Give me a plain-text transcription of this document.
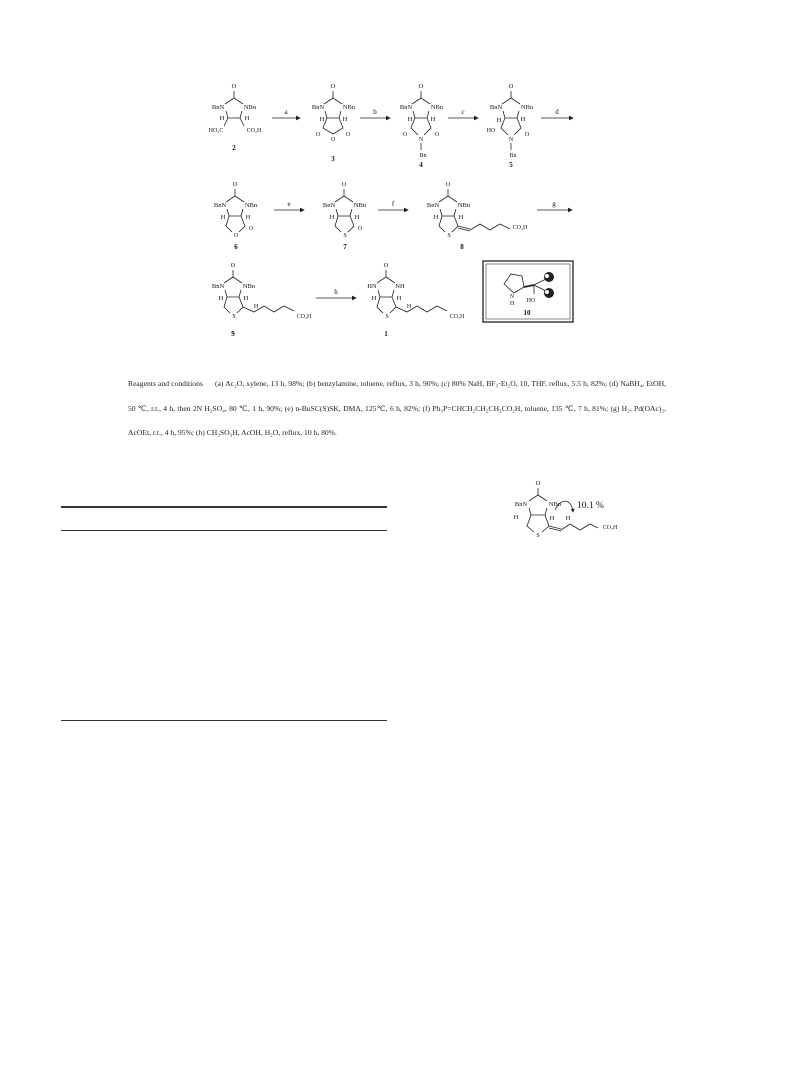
O
BnN	NBn
H	H
HO₂C	CO₂H
2
a
O
BnN	NBn
H	H
O
O
O
3
b
O
BnN	NBn
H	H
O	O
N
Bn
4
c
O
BnN	NBn
H	H
HO
O
N
Bn
5
d
O
BnN	NBn
H	H
O
O
6
e
O
BnN	NBn
H	H
S
O
7
f
O
BnN	NBn
H	H
S
CO₂H
8
g
O
BnN	NBn
H	H
H
S	CO₂H
9
h
O
HN	NH
H	H
H
S	CO₂H
1
N
H HO
10
O
BnN	NBn
H	H
S
H
CO₂H
10.1 %
Reagents and conditions (a) Ac₂O, xylene, 13 h, 98%; (b) benzylamine, toluene, reflux, 3 h, 90%; (c) 80% NaH, BF₃·Et₂O, 10, THF, reflux, 5.5 h, 82%; (d) NaBH₄, EtOH, 50 ℃, r.t., 4 h, then 2N H₂SO₄, 80 ℃, 1 h, 90%; (e) n-BuSC(S)SK, DMA, 125℃, 6 h, 82%; (f) Ph₃P=CHCH₂CH₂CH₂CO₂H, toluene, 135 ℃, 7 h, 81%; (g) H₂, Pd(OAc)₂, AcOEt, r.t., 4 h, 95%; (h) CH₃SO₃H, AcOH, H₂O, reflux, 10 h, 80%.
